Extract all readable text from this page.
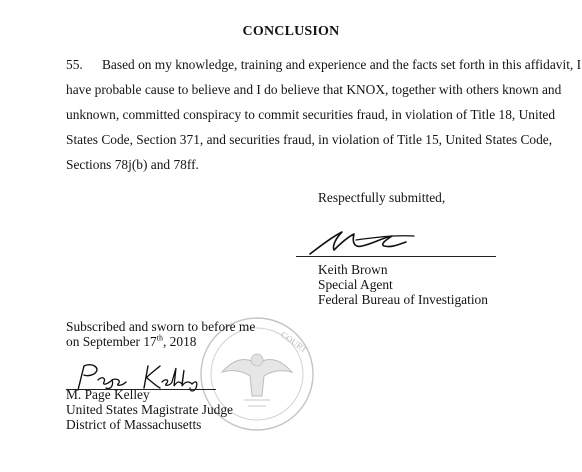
CONCLUSION
55. Based on my knowledge, training and experience and the facts set forth in this affidavit, I
have probable cause to believe and I do believe that KNOX, together with others known and
unknown, committed conspiracy to commit securities fraud, in violation of Title 18, United
States Code, Section 371, and securities fraud, in violation of Title 15, United States Code,
Sections 78j(b) and 78ff.
Respectfully submitted,
Keith Brown
Special Agent
Federal Bureau of Investigation
COURT
Subscribed and sworn to before me
on September 17th, 2018
M. Page Kelley
United States Magistrate Judge
District of Massachusetts
